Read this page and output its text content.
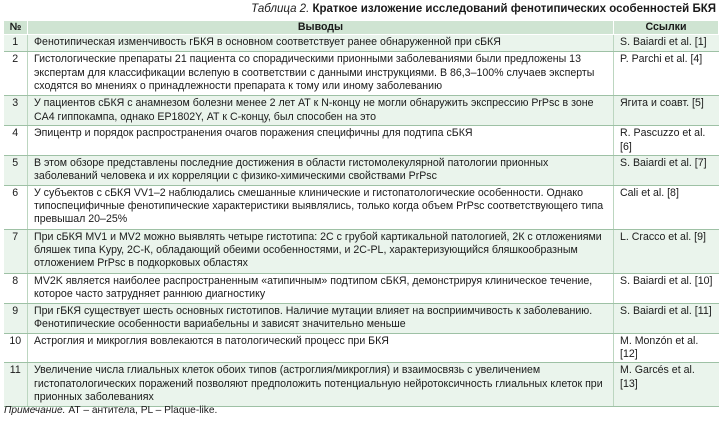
Таблица 2. Краткое изложение исследований фенотипических особенностей БКЯ
№	Выводы	Ссылки
1	Фенотипическая изменчивость гБКЯ в основном соответствует ранее обнаруженной при сБКЯ	S. Baiardi et al. [1]
2	Гистологические препараты 21 пациента со спорадическими прионными заболеваниями были предложены 13 экспертам для классификации вслепую в соответствии с данными инструкциями. В 86,3–100% случаев эксперты сходятся во мнениях о принадлежности препарата к тому или иному заболеванию	P. Parchi et al. [4]
3	У пациентов сБКЯ с анамнезом болезни менее 2 лет АТ к N-концу не могли обнаружить экспрессию PrPsc в зоне CA4 гиппокампа, однако EP1802Y, АТ к С-концу, был способен на это	Ягита и соавт. [5]
4	Эпицентр и порядок распространения очагов поражения специфичны для подтипа сБКЯ	R. Pascuzzo et al. [6]
5	В этом обзоре представлены последние достижения в области гистомолекулярной патологии прионных заболеваний человека и их корреляции с физико-химическими свойствами PrPsc	S. Baiardi et al. [7]
6	У субъектов с сБКЯ VV1–2 наблюдались смешанные клинические и гистопатологические особенности. Однако типоспецифичные фенотипические характеристики выявлялись, только когда объем PrPsc соответствующего типа превышал 20–25%	Cali et al. [8]
7	При сБКЯ MV1 и MV2 можно выявлять четыре гистотипа: 2С с грубой картикальной патологией, 2К с отложениями бляшек типа Kуру, 2С-К, обладающий обеими особенностями, и 2С-PL, характеризующийся бляшкообразным отложением PrPsc в подкорковых областях	L. Cracco et al. [9]
8	MV2K является наиболее распространенным «атипичным» подтипом сБКЯ, демонстрируя клиническое течение, которое часто затрудняет раннюю диагностику	S. Baiardi et al. [10]
9	При гБКЯ существует шесть основных гистотипов. Наличие мутации влияет на восприимчивость к заболеванию. Фенотипические особенности вариабельны и зависят значительно меньше	S. Baiardi et al. [11]
10	Астроглия и микроглия вовлекаются в патологический процесс при БКЯ	M. Monzón et al. [12]
11	Увеличение числа глиальных клеток обоих типов (астроглия/микроглия) и взаимосвязь с увеличением гистопатологических поражений позволяют предположить потенциальную нейротоксичность глиальных клеток при прионных заболеваниях	M. Garcés et al. [13]
Примечание. АТ – антитела, PL – Plaque-like.
